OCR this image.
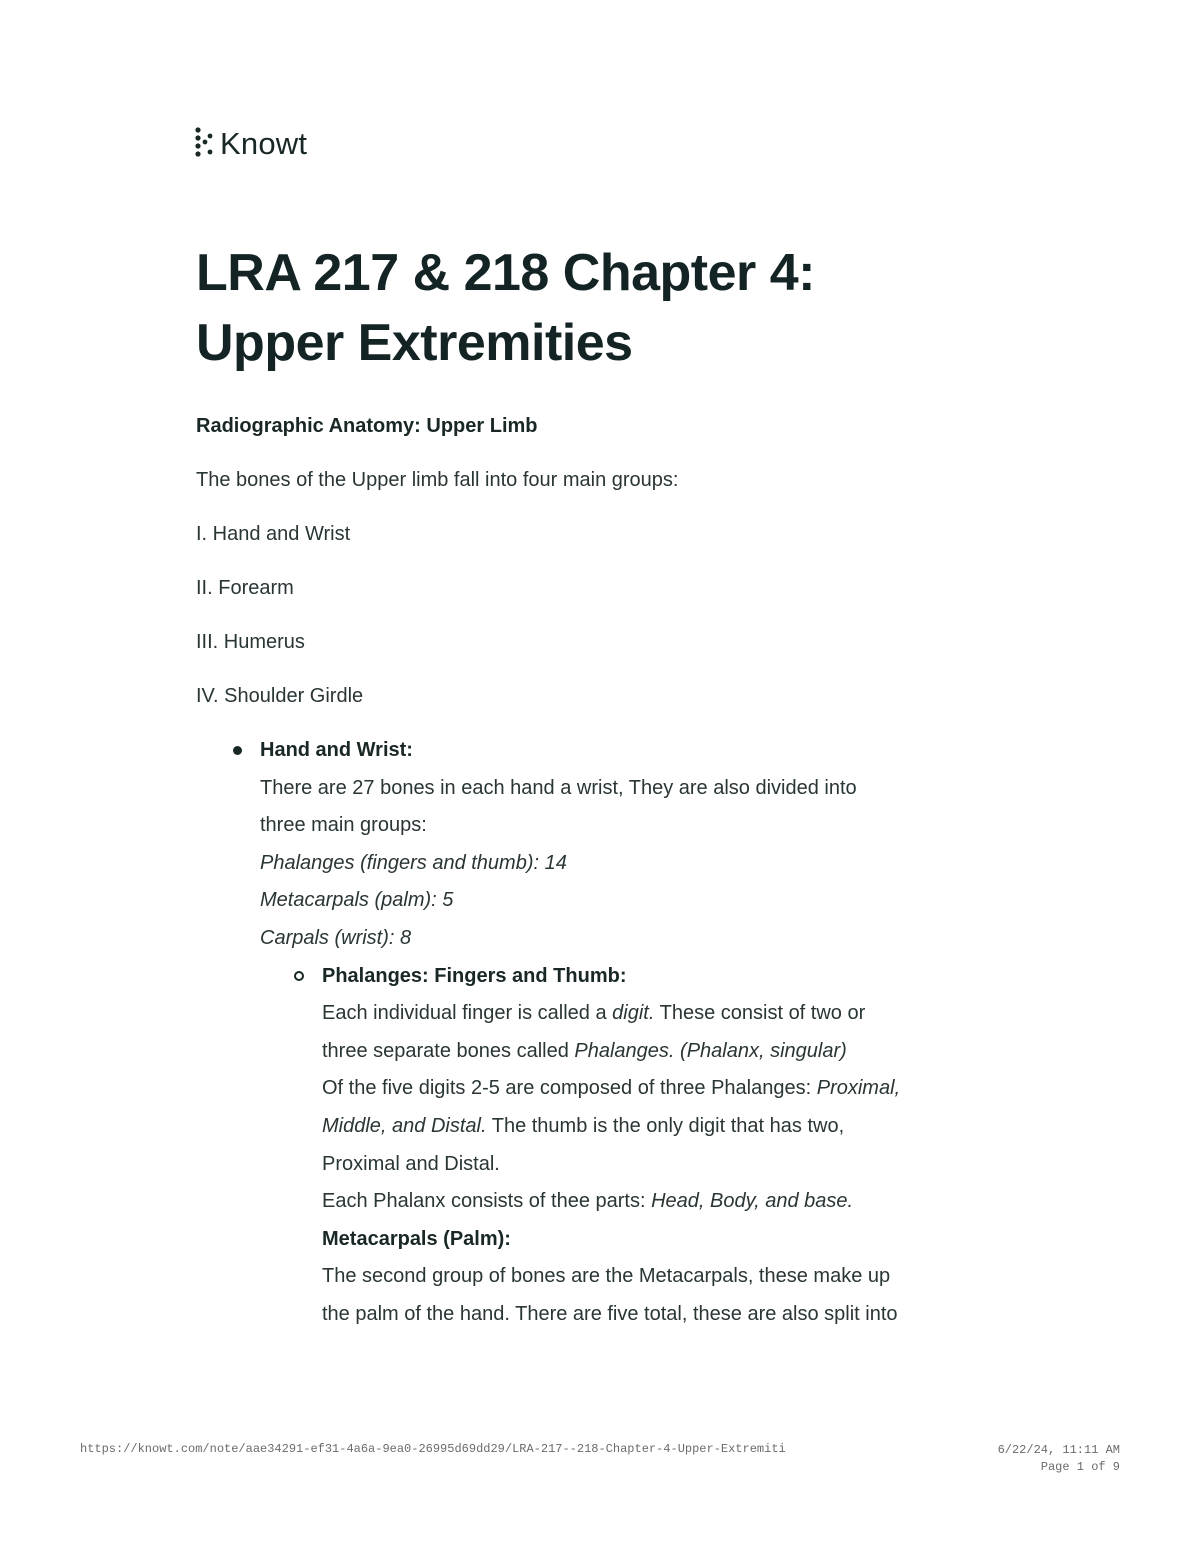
Knowt
LRA 217 & 218 Chapter 4:
Upper Extremities

Radiographic Anatomy: Upper Limb

The bones of the Upper limb fall into four main groups:

I. Hand and Wrist

II. Forearm

III. Humerus

IV. Shoulder Girdle

Hand and Wrist:
There are 27 bones in each hand a wrist, They are also divided into
three main groups:
Phalanges (fingers and thumb): 14
Metacarpals (palm): 5
Carpals (wrist): 8
Phalanges: Fingers and Thumb:
Each individual finger is called a digit. These consist of two or
three separate bones called Phalanges. (Phalanx, singular)
Of the five digits 2-5 are composed of three Phalanges: Proximal,
Middle, and Distal. The thumb is the only digit that has two,
Proximal and Distal.
Each Phalanx consists of thee parts: Head, Body, and base.
Metacarpals (Palm):
The second group of bones are the Metacarpals, these make up
the palm of the hand. There are five total, these are also split into
https://knowt.com/note/aae34291-ef31-4a6a-9ea0-26995d69dd29/LRA-217--218-Chapter-4-Upper-Extremiti	6/22/24, 11:11 AM
Page 1 of 9
